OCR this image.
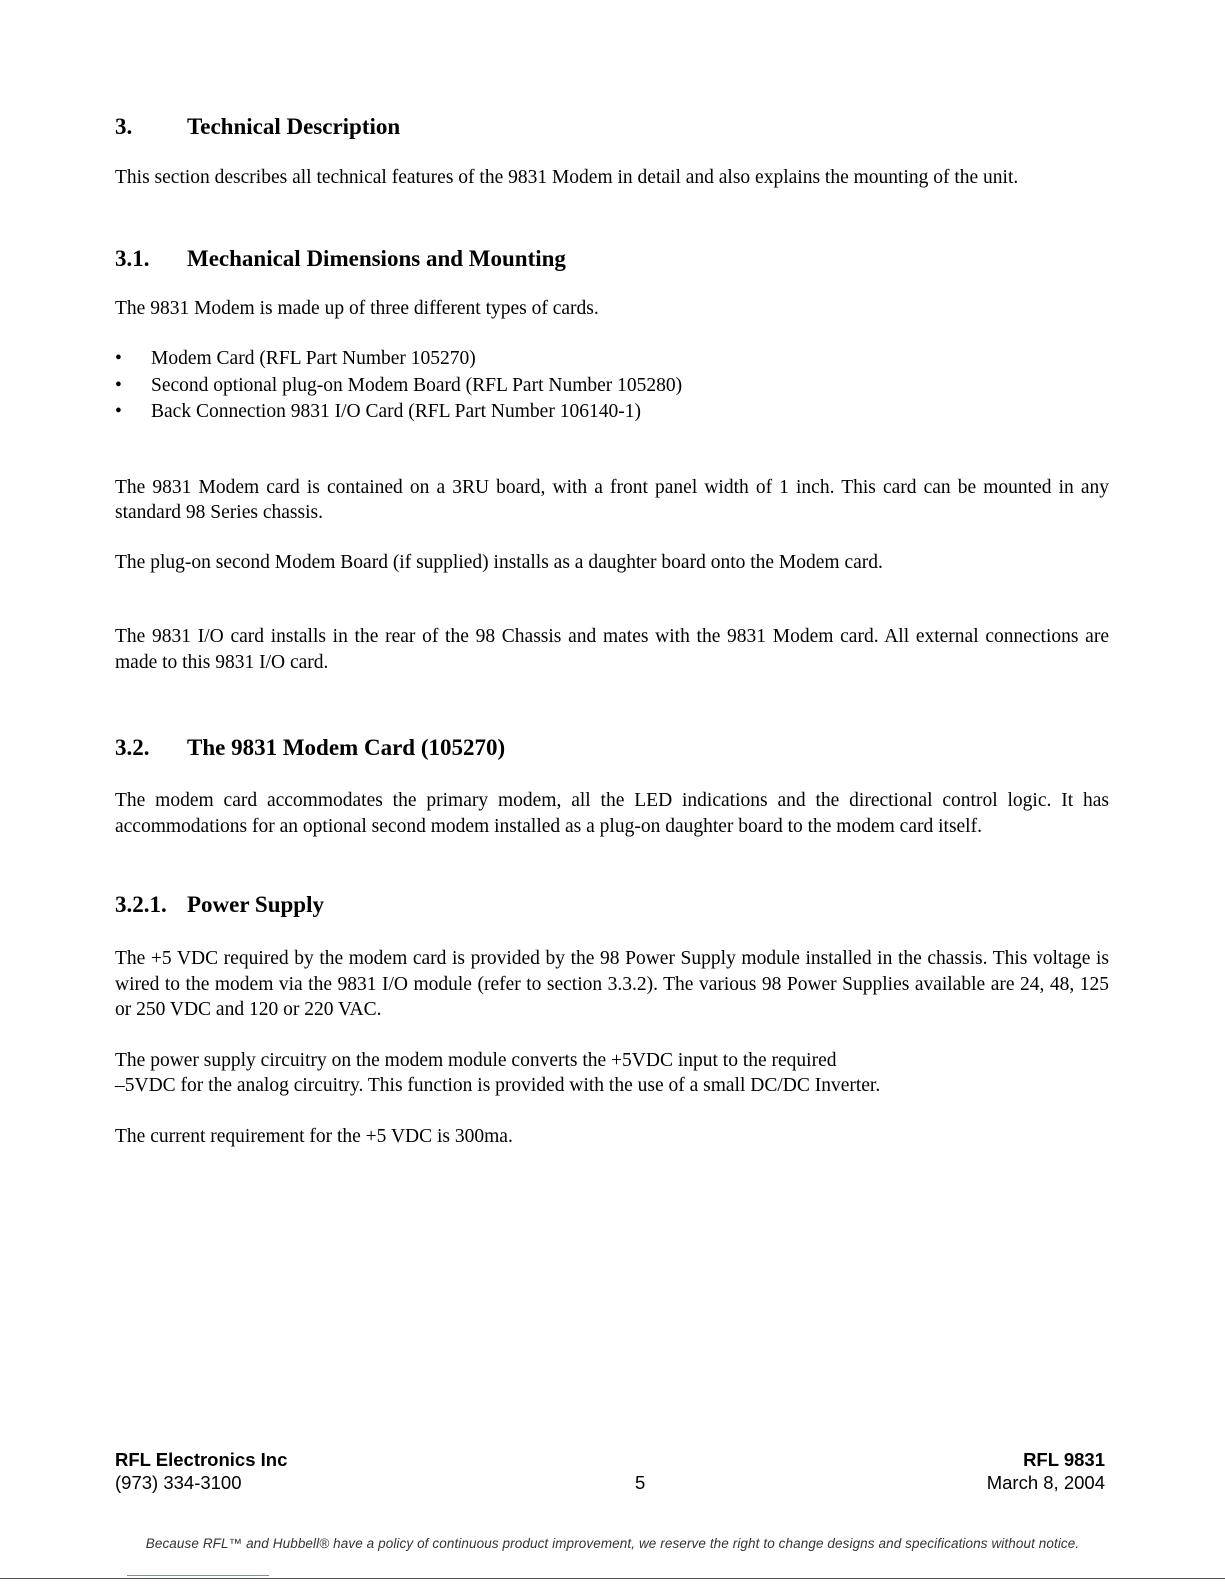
3.	Technical Description

This section describes all technical features of the 9831 Modem in detail and also explains the mounting of the unit.

3.1.	Mechanical Dimensions and Mounting

The 9831 Modem is made up of three different types of cards.

•	Modem Card (RFL Part Number 105270)
•	Second optional plug-on Modem Board (RFL Part Number 105280)
•	Back Connection 9831 I/O Card (RFL Part Number 106140-1)

The 9831 Modem card is contained on a 3RU board, with a front panel width of 1 inch. This card can be mounted in any standard 98 Series chassis.

The plug-on second Modem Board (if supplied) installs as a daughter board onto the Modem card.

The 9831 I/O card installs in the rear of the 98 Chassis and mates with the 9831 Modem card. All external connections are made to this 9831 I/O card.

3.2.	The 9831 Modem Card (105270)

The modem card accommodates the primary modem, all the LED indications and the directional control logic. It has accommodations for an optional second modem installed as a plug-on daughter board to the modem card itself.

3.2.1. Power Supply

The +5 VDC required by the modem card is provided by the 98 Power Supply module installed in the chassis. This voltage is wired to the modem via the 9831 I/O module (refer to section 3.3.2). The various 98 Power Supplies available are 24, 48, 125 or 250 VDC and 120 or 220 VAC.

The power supply circuitry on the modem module converts the +5VDC input to the required

–5VDC for the analog circuitry. This function is provided with the use of a small DC/DC Inverter.

The current requirement for the +5 VDC is 300ma.

RFL Electronics Inc	RFL 9831
(973) 334-3100	5	March 8, 2004
Because RFL™ and Hubbell® have a policy of continuous product improvement, we reserve the right to change designs and specifications without notice.
